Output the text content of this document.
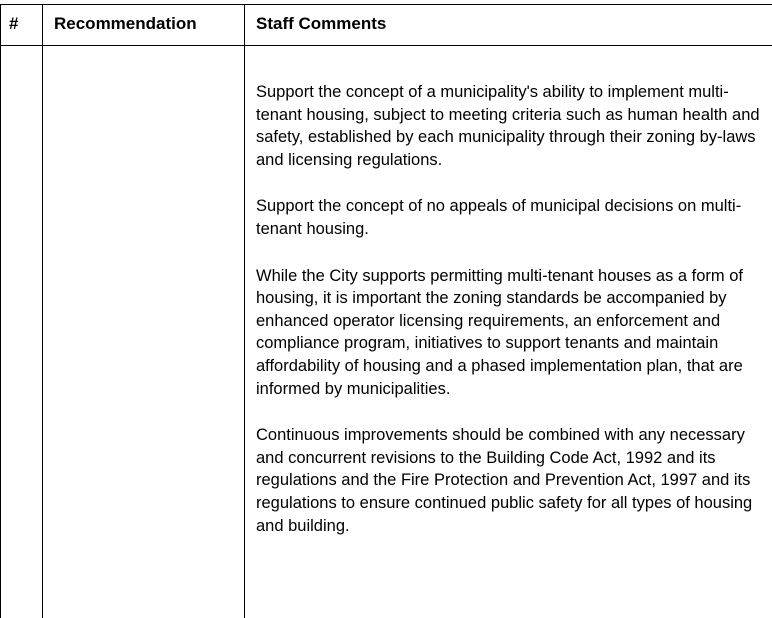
# Recommendation	Staff Comments

Support the concept of a municipality's ability to implement multi-tenant housing, subject to meeting criteria such as human health and safety, established by each municipality through their zoning by-laws and licensing regulations.

Support the concept of no appeals of municipal decisions on multi-tenant housing.

While the City supports permitting multi-tenant houses as a form of housing, it is important the zoning standards be accompanied by enhanced operator licensing requirements, an enforcement and compliance program, initiatives to support tenants and maintain affordability of housing and a phased implementation plan, that are informed by municipalities.

Continuous improvements should be combined with any necessary and concurrent revisions to the Building Code Act, 1992 and its regulations and the Fire Protection and Prevention Act, 1997 and its regulations to ensure continued public safety for all types of housing and building.
